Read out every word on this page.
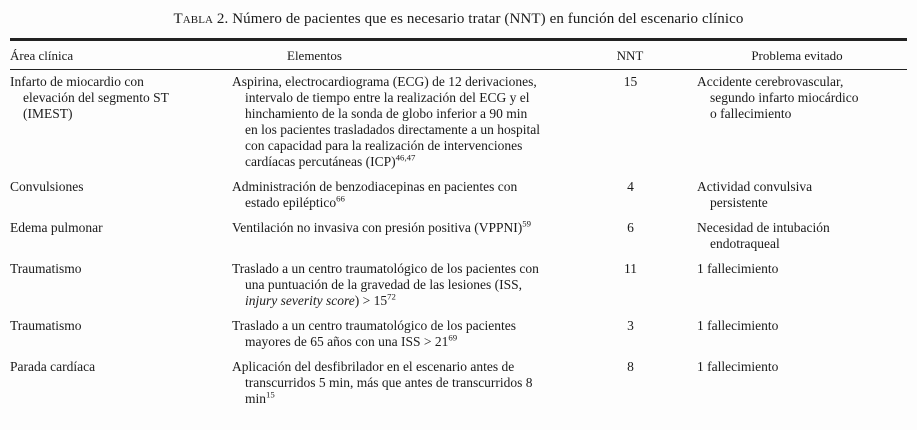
Tabla 2. Número de pacientes que es necesario tratar (NNT) en función del escenario clínico
Área clínica	Elementos	NNT	Problema evitado
Infarto de miocardio con elevación del segmento ST (IMEST)	Aspirina, electrocardiograma (ECG) de 12 derivaciones, intervalo de tiempo entre la realización del ECG y el hinchamiento de la sonda de globo inferior a 90 min en los pacientes trasladados directamente a un hospital con capacidad para la realización de intervenciones cardíacas percutáneas (ICP)$^{46,47}$	15	Accidente cerebrovascular, segundo infarto miocárdico o fallecimiento
Convulsiones	Administración de benzodiacepinas en pacientes con estado epiléptico$^{66}$	4	Actividad convulsiva persistente
Edema pulmonar	Ventilación no invasiva con presión positiva (VPPNI)$^{59}$	6	Necesidad de intubación endotraqueal
Traumatismo	Traslado a un centro traumatológico de los pacientes con una puntuación de la gravedad de las lesiones (ISS, injury severity score) > $15^{72}$	11	1 fallecimiento
Traumatismo	Traslado a un centro traumatológico de los pacientes mayores de 65 años con una ISS > $21^{69}$	3	1 fallecimiento
Parada cardíaca	Aplicación del desfibrilador en el escenario antes de transcurridos 5 min, más que antes de transcurridos 8 $\min^{15}$	8	1 fallecimiento
